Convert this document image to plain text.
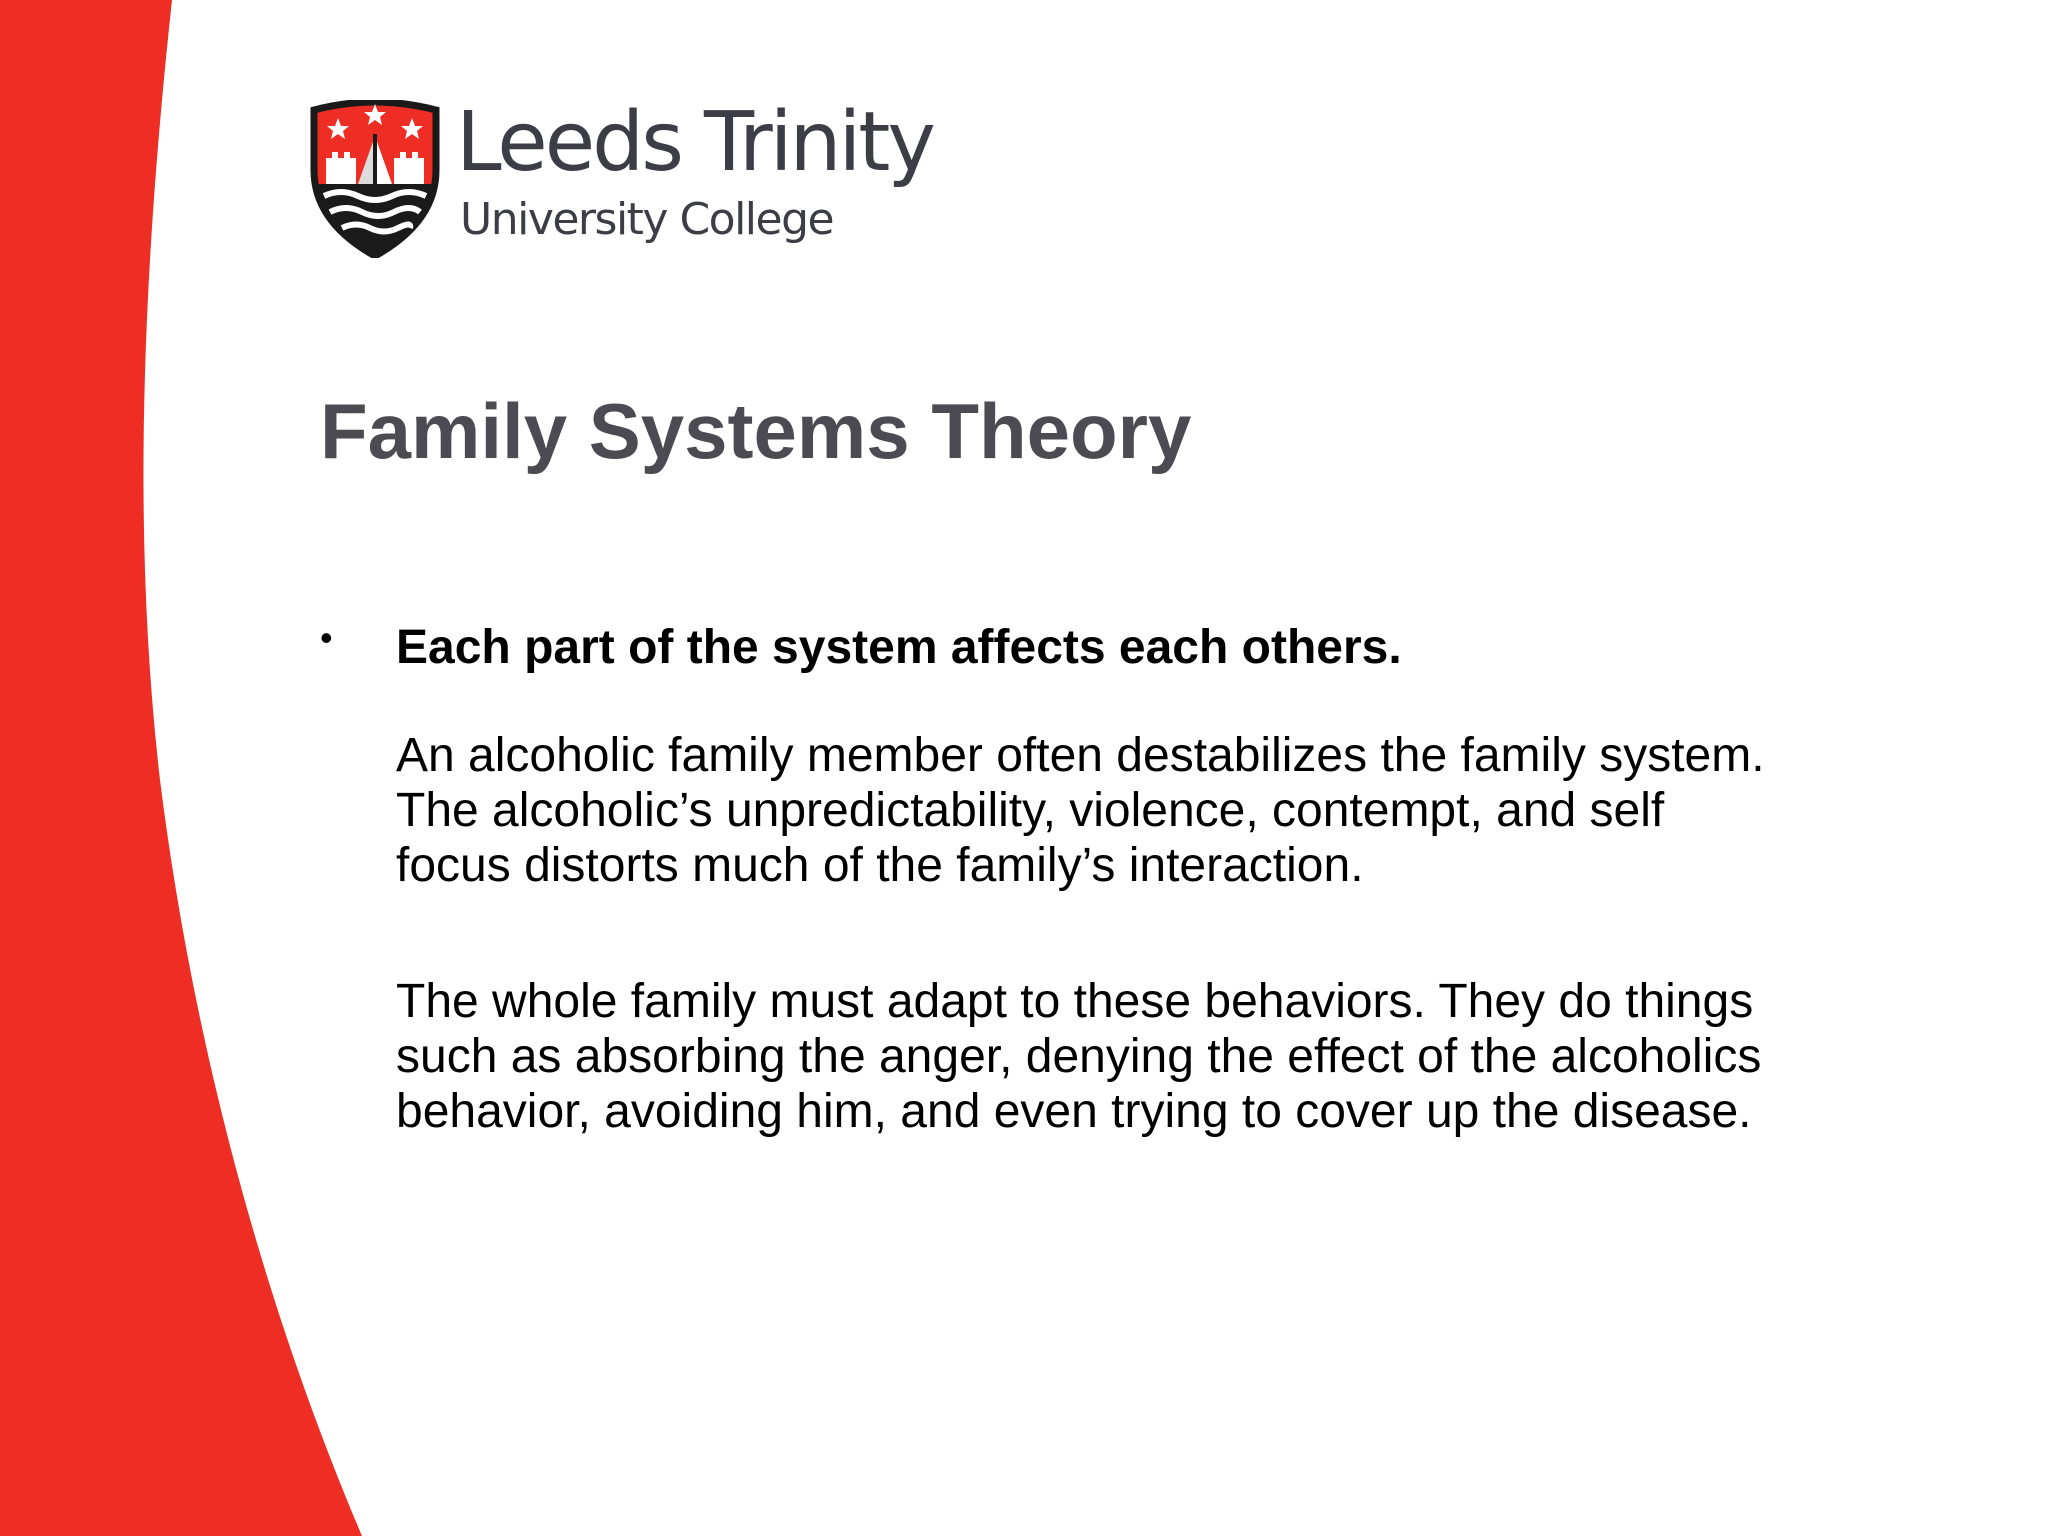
Leeds Trinity
University College
Family Systems Theory
• Each part of the system affects each others.

An alcoholic family member often destabilizes the family system.
The alcoholic’s unpredictability, violence, contempt, and self
focus distorts much of the family’s interaction.

The whole family must adapt to these behaviors. They do things
such as absorbing the anger, denying the effect of the alcoholics
behavior, avoiding him, and even trying to cover up the disease.
